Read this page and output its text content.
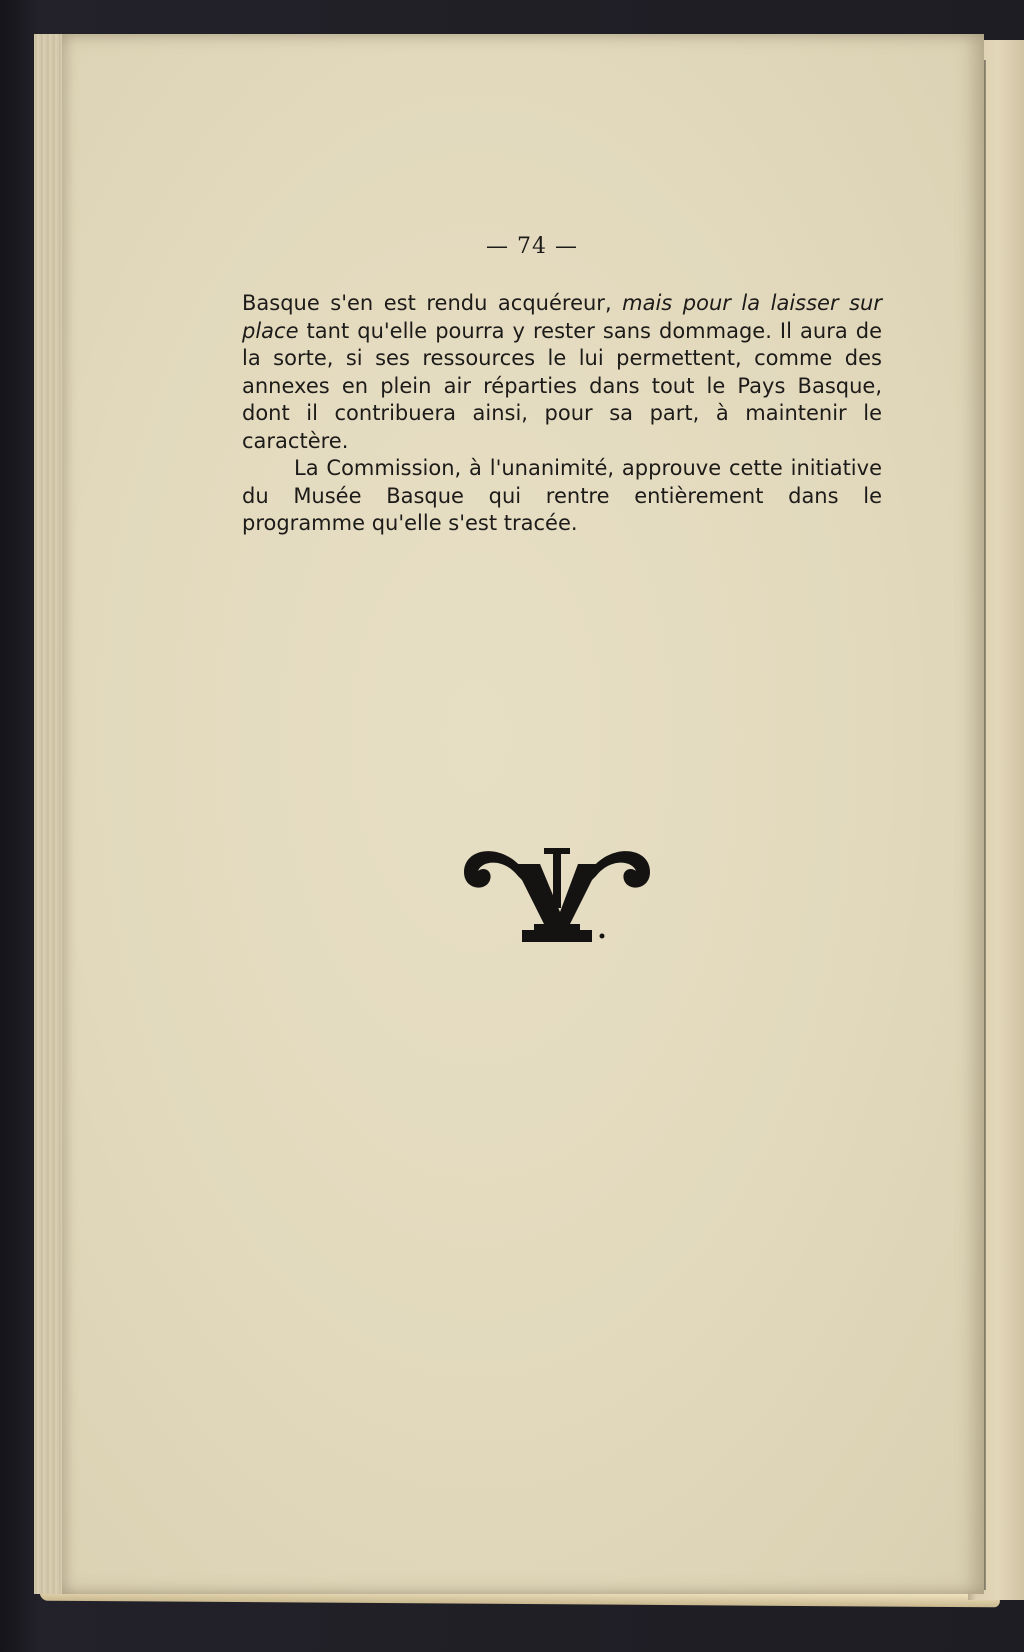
— 74 —

Basque s'en est rendu acquéreur, mais pour la laisser sur place tant qu'elle pourra y rester sans dommage. Il aura de la sorte, si ses ressources le lui permettent, comme des annexes en plein air réparties dans tout le Pays Basque, dont il contribuera ainsi, pour sa part, à maintenir le caractère.

La Commission, à l'unanimité, approuve cette initiative du Musée Basque qui rentre entièrement dans le programme qu'elle s'est tracée.
